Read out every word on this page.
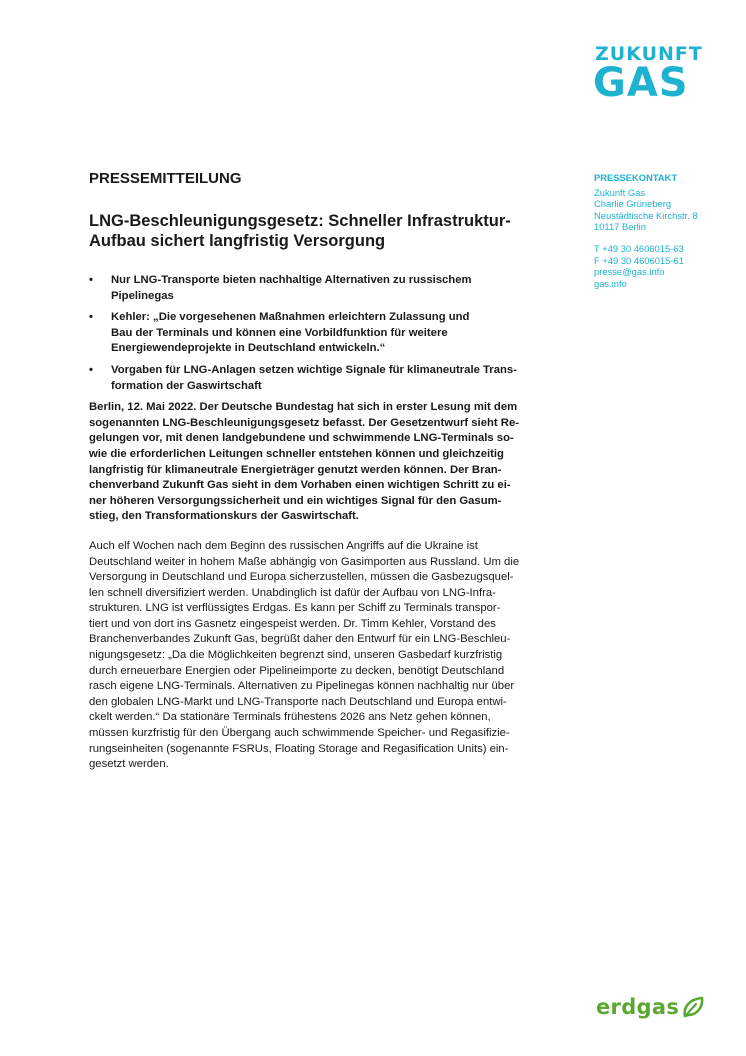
ZUKUNFT
GAS
PRESSEKONTAKT
Zukunft Gas
Charlie Grüneberg
Neustädtische Kirchstr. 8
10117 Berlin
T +49 30 4606015-63
F +49 30 4606015-61
presse@gas.info
gas.info

PRESSEMITTEILUNG

LNG-Beschleunigungsgesetz: Schneller Infrastruktur-
Aufbau sichert langfristig Versorgung
• Nur LNG-Transporte bieten nachhaltige Alternativen zu russischem
Pipelinegas
• Kehler: „Die vorgesehenen Maßnahmen erleichtern Zulassung und
Bau der Terminals und können eine Vorbildfunktion für weitere
Energiewendeprojekte in Deutschland entwickeln.“
• Vorgaben für LNG-Anlagen setzen wichtige Signale für klimaneutrale Trans-
formation der Gaswirtschaft
Berlin, 12. Mai 2022. Der Deutsche Bundestag hat sich in erster Lesung mit dem
sogenannten LNG-Beschleunigungsgesetz befasst. Der Gesetzentwurf sieht Re-
gelungen vor, mit denen landgebundene und schwimmende LNG-Terminals so-
wie die erforderlichen Leitungen schneller entstehen können und gleichzeitig
langfristig für klimaneutrale Energieträger genutzt werden können. Der Bran-
chenverband Zukunft Gas sieht in dem Vorhaben einen wichtigen Schritt zu ei-
ner höheren Versorgungssicherheit und ein wichtiges Signal für den Gasum-
stieg, den Transformationskurs der Gaswirtschaft.
Auch elf Wochen nach dem Beginn des russischen Angriffs auf die Ukraine ist
Deutschland weiter in hohem Maße abhängig von Gasimporten aus Russland. Um die
Versorgung in Deutschland und Europa sicherzustellen, müssen die Gasbezugsquel-
len schnell diversifiziert werden. Unabdinglich ist dafür der Aufbau von LNG-Infra-
strukturen. LNG ist verflüssigtes Erdgas. Es kann per Schiff zu Terminals transpor-
tiert und von dort ins Gasnetz eingespeist werden. Dr. Timm Kehler, Vorstand des
Branchenverbandes Zukunft Gas, begrüßt daher den Entwurf für ein LNG-Beschleu-
nigungsgesetz: „Da die Möglichkeiten begrenzt sind, unseren Gasbedarf kurzfristig
durch erneuerbare Energien oder Pipelineimporte zu decken, benötigt Deutschland
rasch eigene LNG-Terminals. Alternativen zu Pipelinegas können nachhaltig nur über
den globalen LNG-Markt und LNG-Transporte nach Deutschland und Europa entwi-
ckelt werden.“ Da stationäre Terminals frühestens 2026 ans Netz gehen können,
müssen kurzfristig für den Übergang auch schwimmende Speicher- und Regasifizie-
rungseinheiten (sogenannte FSRUs, Floating Storage and Regasification Units) ein-
gesetzt werden.
erdgas
